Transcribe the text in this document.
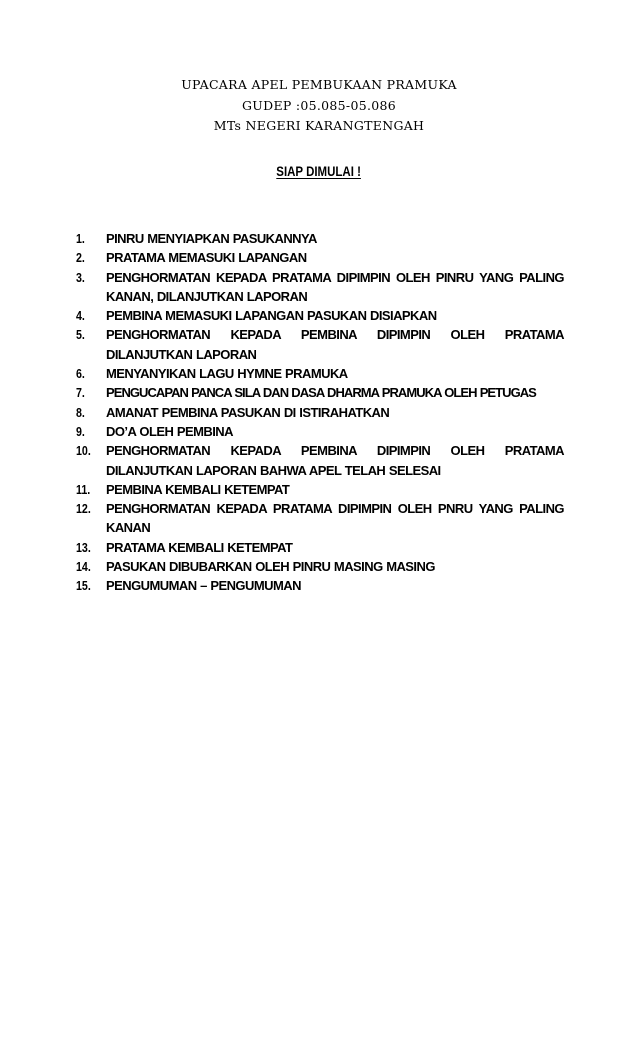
UPACARA APEL PEMBUKAAN PRAMUKA
GUDEP :05.085-05.086
MTs NEGERI KARANGTENGAH
SIAP DIMULAI !
1. PINRU MENYIAPKAN PASUKANNYA
2. PRATAMA MEMASUKI LAPANGAN
3. PENGHORMATAN KEPADA PRATAMA DIPIMPIN OLEH PINRU YANG PALING KANAN, DILANJUTKAN LAPORAN
4. PEMBINA MEMASUKI LAPANGAN PASUKAN DISIAPKAN
5. PENGHORMATAN KEPADA PEMBINA DIPIMPIN OLEH PRATAMA DILANJUTKAN LAPORAN
6. MENYANYIKAN LAGU HYMNE PRAMUKA
7. PENGUCAPAN PANCA SILA DAN DASA DHARMA PRAMUKA OLEH PETUGAS
8. AMANAT PEMBINA PASUKAN DI ISTIRAHATKAN
9. DO’A OLEH PEMBINA
10. PENGHORMATAN KEPADA PEMBINA DIPIMPIN OLEH PRATAMA DILANJUTKAN LAPORAN BAHWA APEL TELAH SELESAI
11. PEMBINA KEMBALI KETEMPAT
12. PENGHORMATAN KEPADA PRATAMA DIPIMPIN OLEH PNRU YANG PALING KANAN
13. PRATAMA KEMBALI KETEMPAT
14. PASUKAN DIBUBARKAN OLEH PINRU MASING MASING
15. PENGUMUMAN – PENGUMUMAN
